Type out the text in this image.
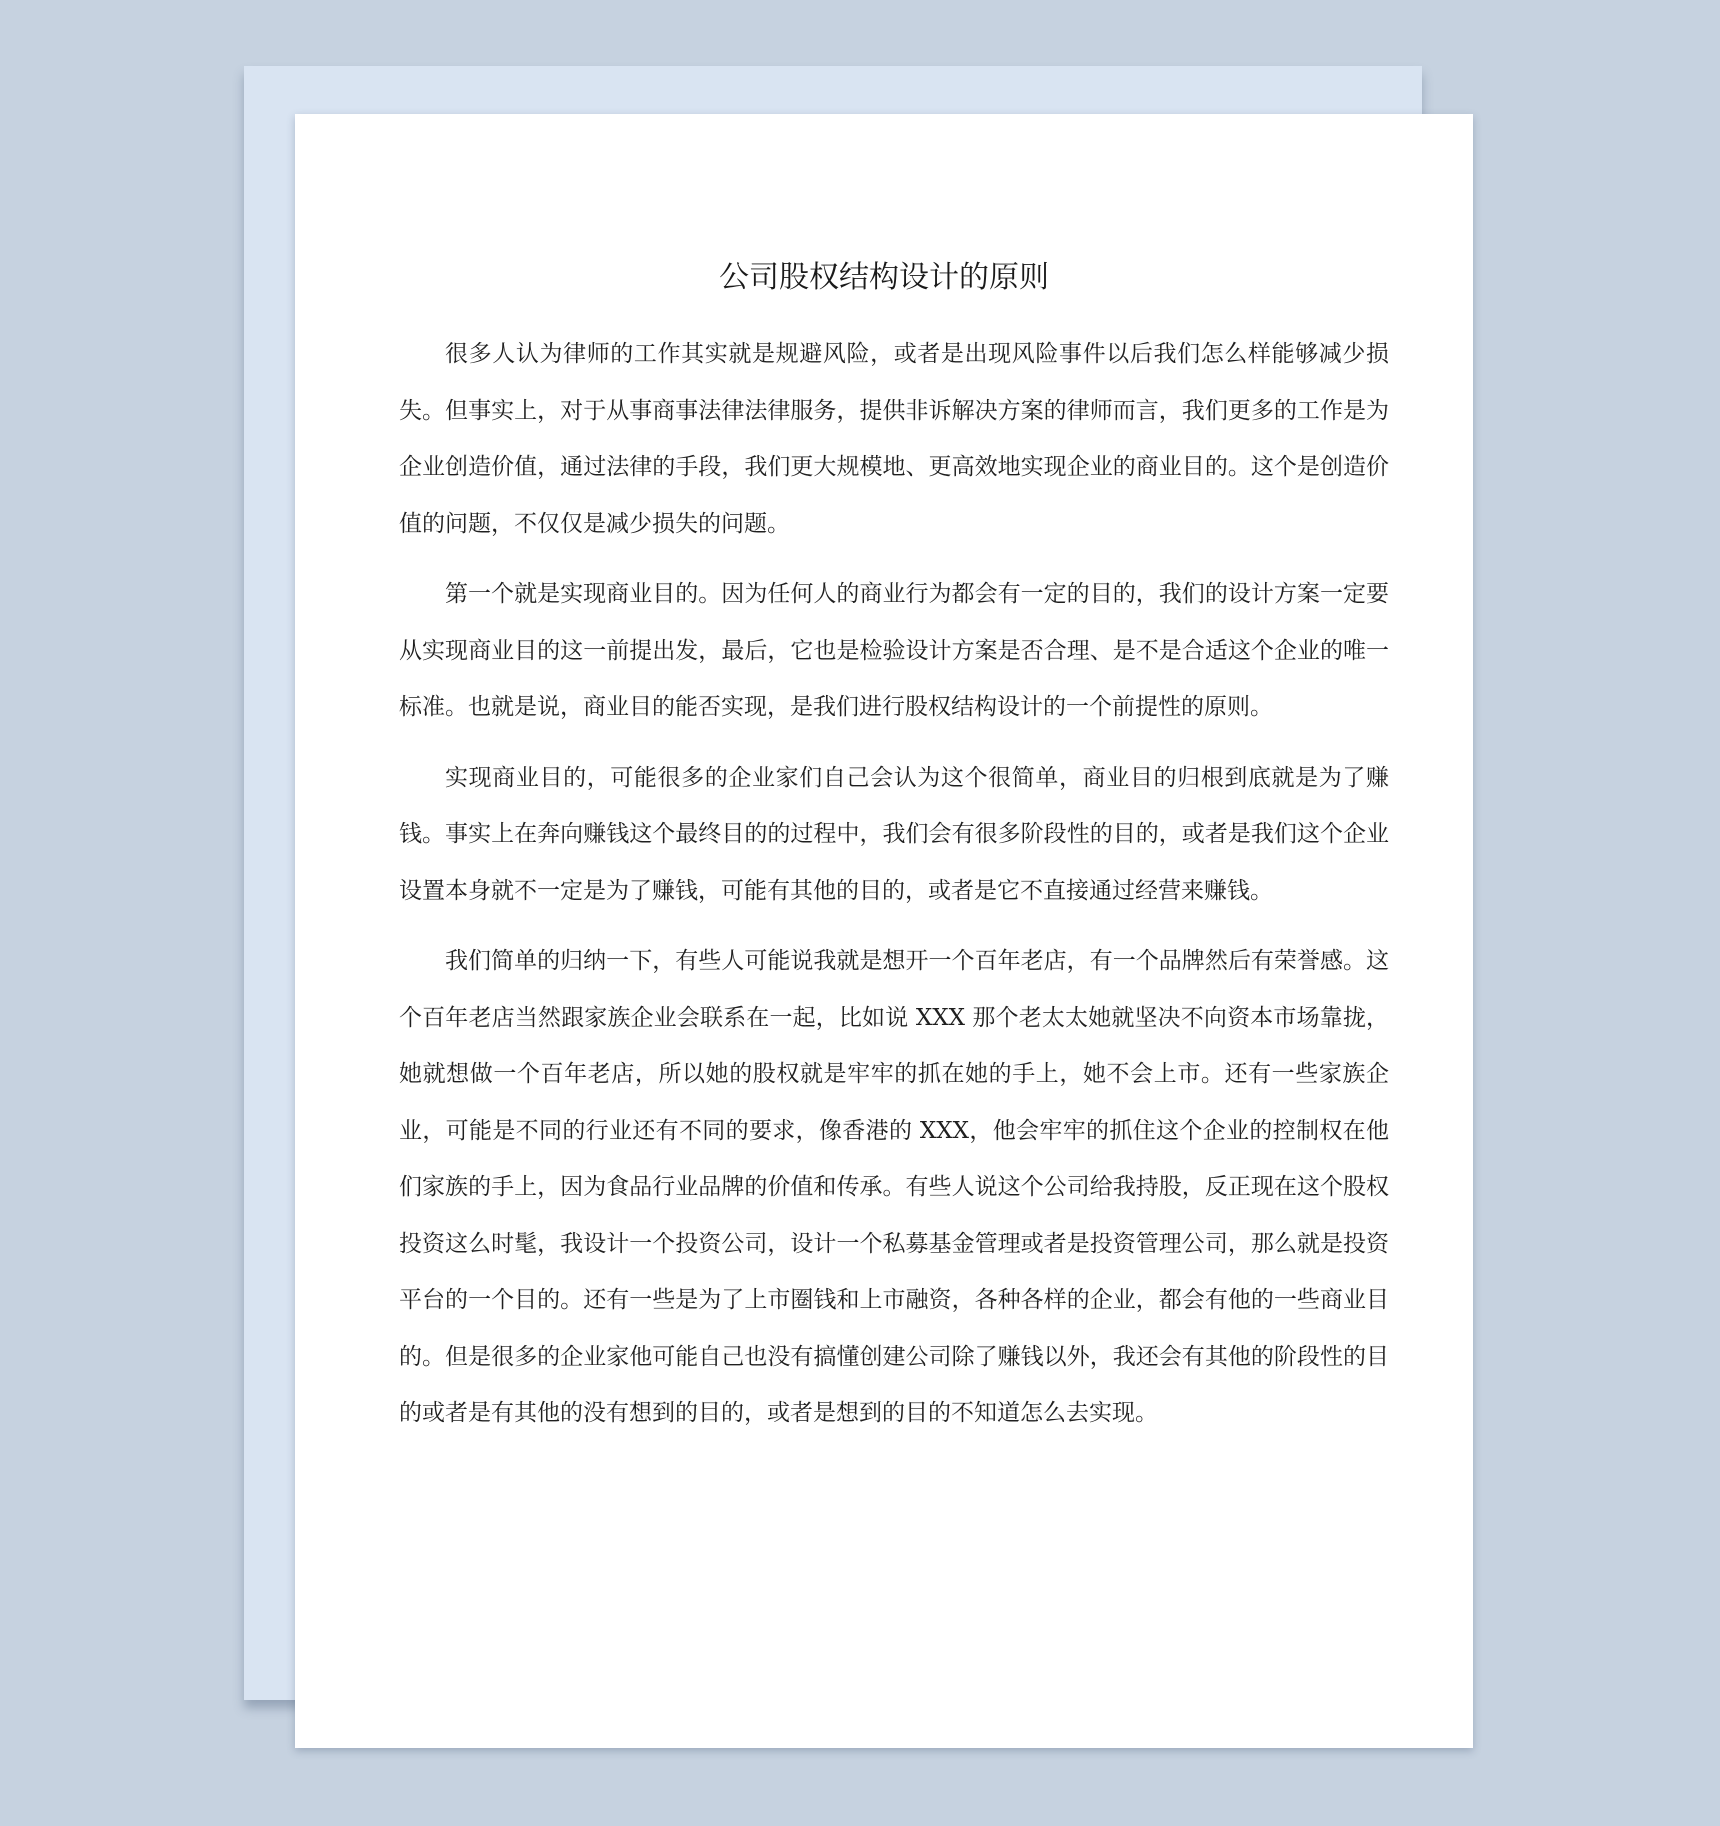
公司股权结构设计的原则

很多人认为律师的工作其实就是规避风险，或者是出现风险事件以后我们怎么样能够减少损失。但事实上，对于从事商事法律法律服务，提供非诉解决方案的律师而言，我们更多的工作是为企业创造价值，通过法律的手段，我们更大规模地、更高效地实现企业的商业目的。这个是创造价值的问题，不仅仅是减少损失的问题。

第一个就是实现商业目的。因为任何人的商业行为都会有一定的目的，我们的设计方案一定要从实现商业目的这一前提出发，最后，它也是检验设计方案是否合理、是不是合适这个企业的唯一标准。也就是说，商业目的能否实现，是我们进行股权结构设计的一个前提性的原则。

实现商业目的，可能很多的企业家们自己会认为这个很简单，商业目的归根到底就是为了赚钱。事实上在奔向赚钱这个最终目的的过程中，我们会有很多阶段性的目的，或者是我们这个企业设置本身就不一定是为了赚钱，可能有其他的目的，或者是它不直接通过经营来赚钱。

我们简单的归纳一下，有些人可能说我就是想开一个百年老店，有一个品牌然后有荣誉感。这个百年老店当然跟家族企业会联系在一起，比如说 XXX 那个老太太她就坚决不向资本市场靠拢，她就想做一个百年老店，所以她的股权就是牢牢的抓在她的手上，她不会上市。还有一些家族企业，可能是不同的行业还有不同的要求，像香港的 XXX，他会牢牢的抓住这个企业的控制权在他们家族的手上，因为食品行业品牌的价值和传承。有些人说这个公司给我持股，反正现在这个股权投资这么时髦，我设计一个投资公司，设计一个私募基金管理或者是投资管理公司，那么就是投资平台的一个目的。还有一些是为了上市圈钱和上市融资，各种各样的企业，都会有他的一些商业目的。但是很多的企业家他可能自己也没有搞懂创建公司除了赚钱以外，我还会有其他的阶段性的目的或者是有其他的没有想到的目的，或者是想到的目的不知道怎么去实现。
